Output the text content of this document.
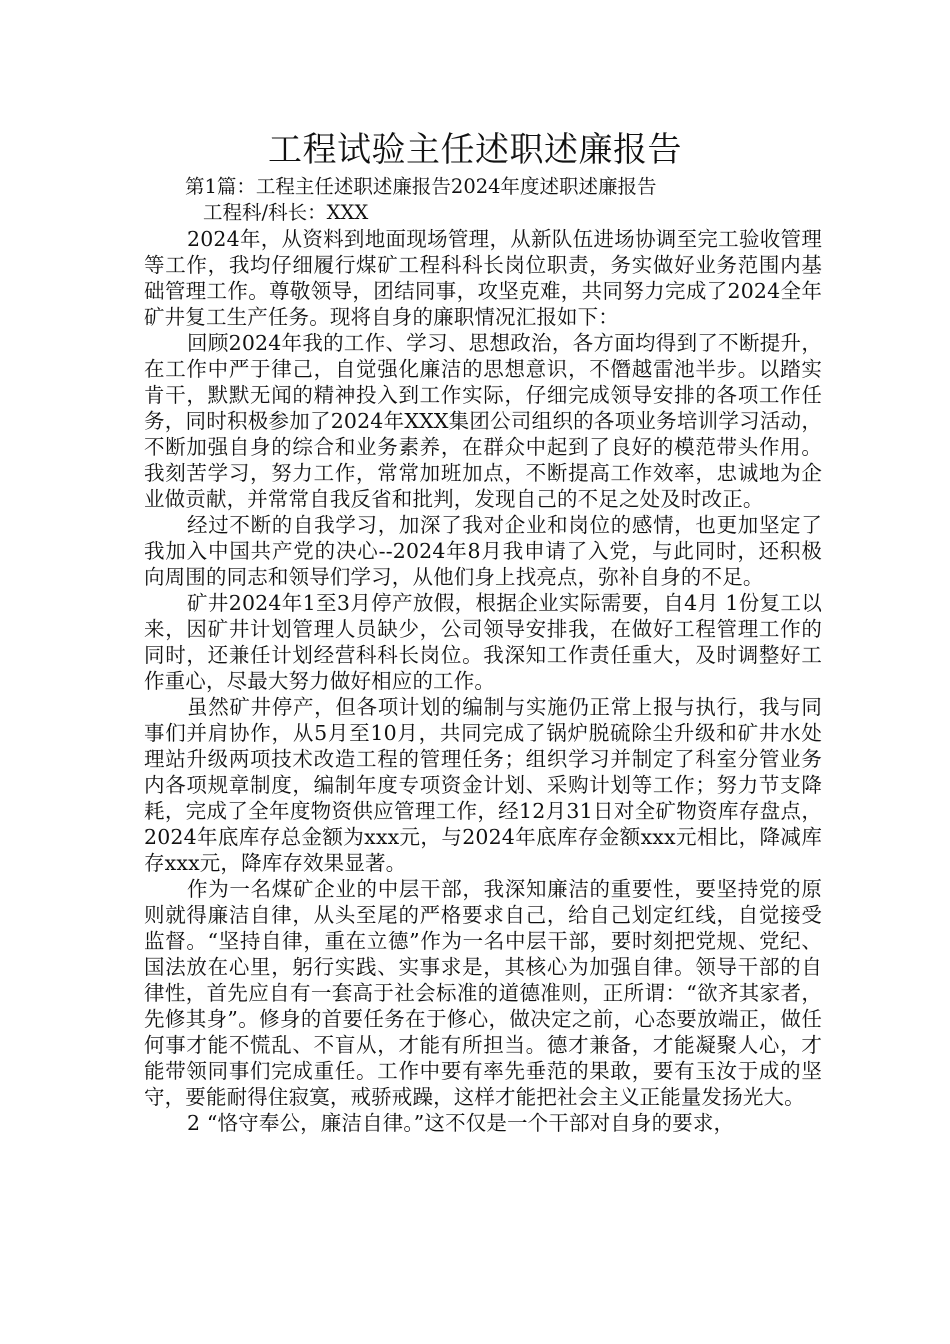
工程试验主任述职述廉报告

第1篇：工程主任述职述廉报告2024年度述职述廉报告

工程科/科长：XXX

2024年，从资料到地面现场管理，从新队伍进场协调至完工验收管理等工作，我均仔细履行煤矿工程科科长岗位职责，务实做好业务范围内基础管理工作。尊敬领导，团结同事，攻坚克难，共同努力完成了2024全年矿井复工生产任务。现将自身的廉职情况汇报如下：

回顾2024年我的工作、学习、思想政治，各方面均得到了不断提升，在工作中严于律己，自觉强化廉洁的思想意识，不僭越雷池半步。以踏实肯干，默默无闻的精神投入到工作实际，仔细完成领导安排的各项工作任务，同时积极参加了2024年XXX集团公司组织的各项业务培训学习活动，不断加强自身的综合和业务素养，在群众中起到了良好的模范带头作用。我刻苦学习，努力工作，常常加班加点，不断提高工作效率，忠诚地为企业做贡献，并常常自我反省和批判，发现自己的不足之处及时改正。

经过不断的自我学习，加深了我对企业和岗位的感情，也更加坚定了我加入中国共产党的决心--2024年8月我申请了入党，与此同时，还积极向周围的同志和领导们学习，从他们身上找亮点，弥补自身的不足。

矿井2024年1至3月停产放假，根据企业实际需要，自4月 1份复工以来，因矿井计划管理人员缺少，公司领导安排我，在做好工程管理工作的同时，还兼任计划经营科科长岗位。我深知工作责任重大，及时调整好工作重心，尽最大努力做好相应的工作。

虽然矿井停产，但各项计划的编制与实施仍正常上报与执行，我与同事们并肩协作，从5月至10月，共同完成了锅炉脱硫除尘升级和矿井水处理站升级两项技术改造工程的管理任务；组织学习并制定了科室分管业务内各项规章制度，编制年度专项资金计划、采购计划等工作；努力节支降耗，完成了全年度物资供应管理工作，经12月31日对全矿物资库存盘点，2024年底库存总金额为xxx元，与2024年底库存金额xxx元相比，降减库存xxx元，降库存效果显著。

作为一名煤矿企业的中层干部，我深知廉洁的重要性，要坚持党的原则就得廉洁自律，从头至尾的严格要求自己，给自己划定红线，自觉接受监督。“坚持自律，重在立德”作为一名中层干部，要时刻把党规、党纪、国法放在心里，躬行实践、实事求是，其核心为加强自律。领导干部的自律性，首先应自有一套高于社会标准的道德准则，正所谓：“欲齐其家者，先修其身”。修身的首要任务在于修心，做决定之前，心态要放端正，做任何事才能不慌乱、不盲从，才能有所担当。德才兼备，才能凝聚人心，才能带领同事们完成重任。工作中要有率先垂范的果敢，要有玉汝于成的坚守，要能耐得住寂寞，戒骄戒躁，这样才能把社会主义正能量发扬光大。

2 “恪守奉公，廉洁自律。”这不仅是一个干部对自身的要求，
